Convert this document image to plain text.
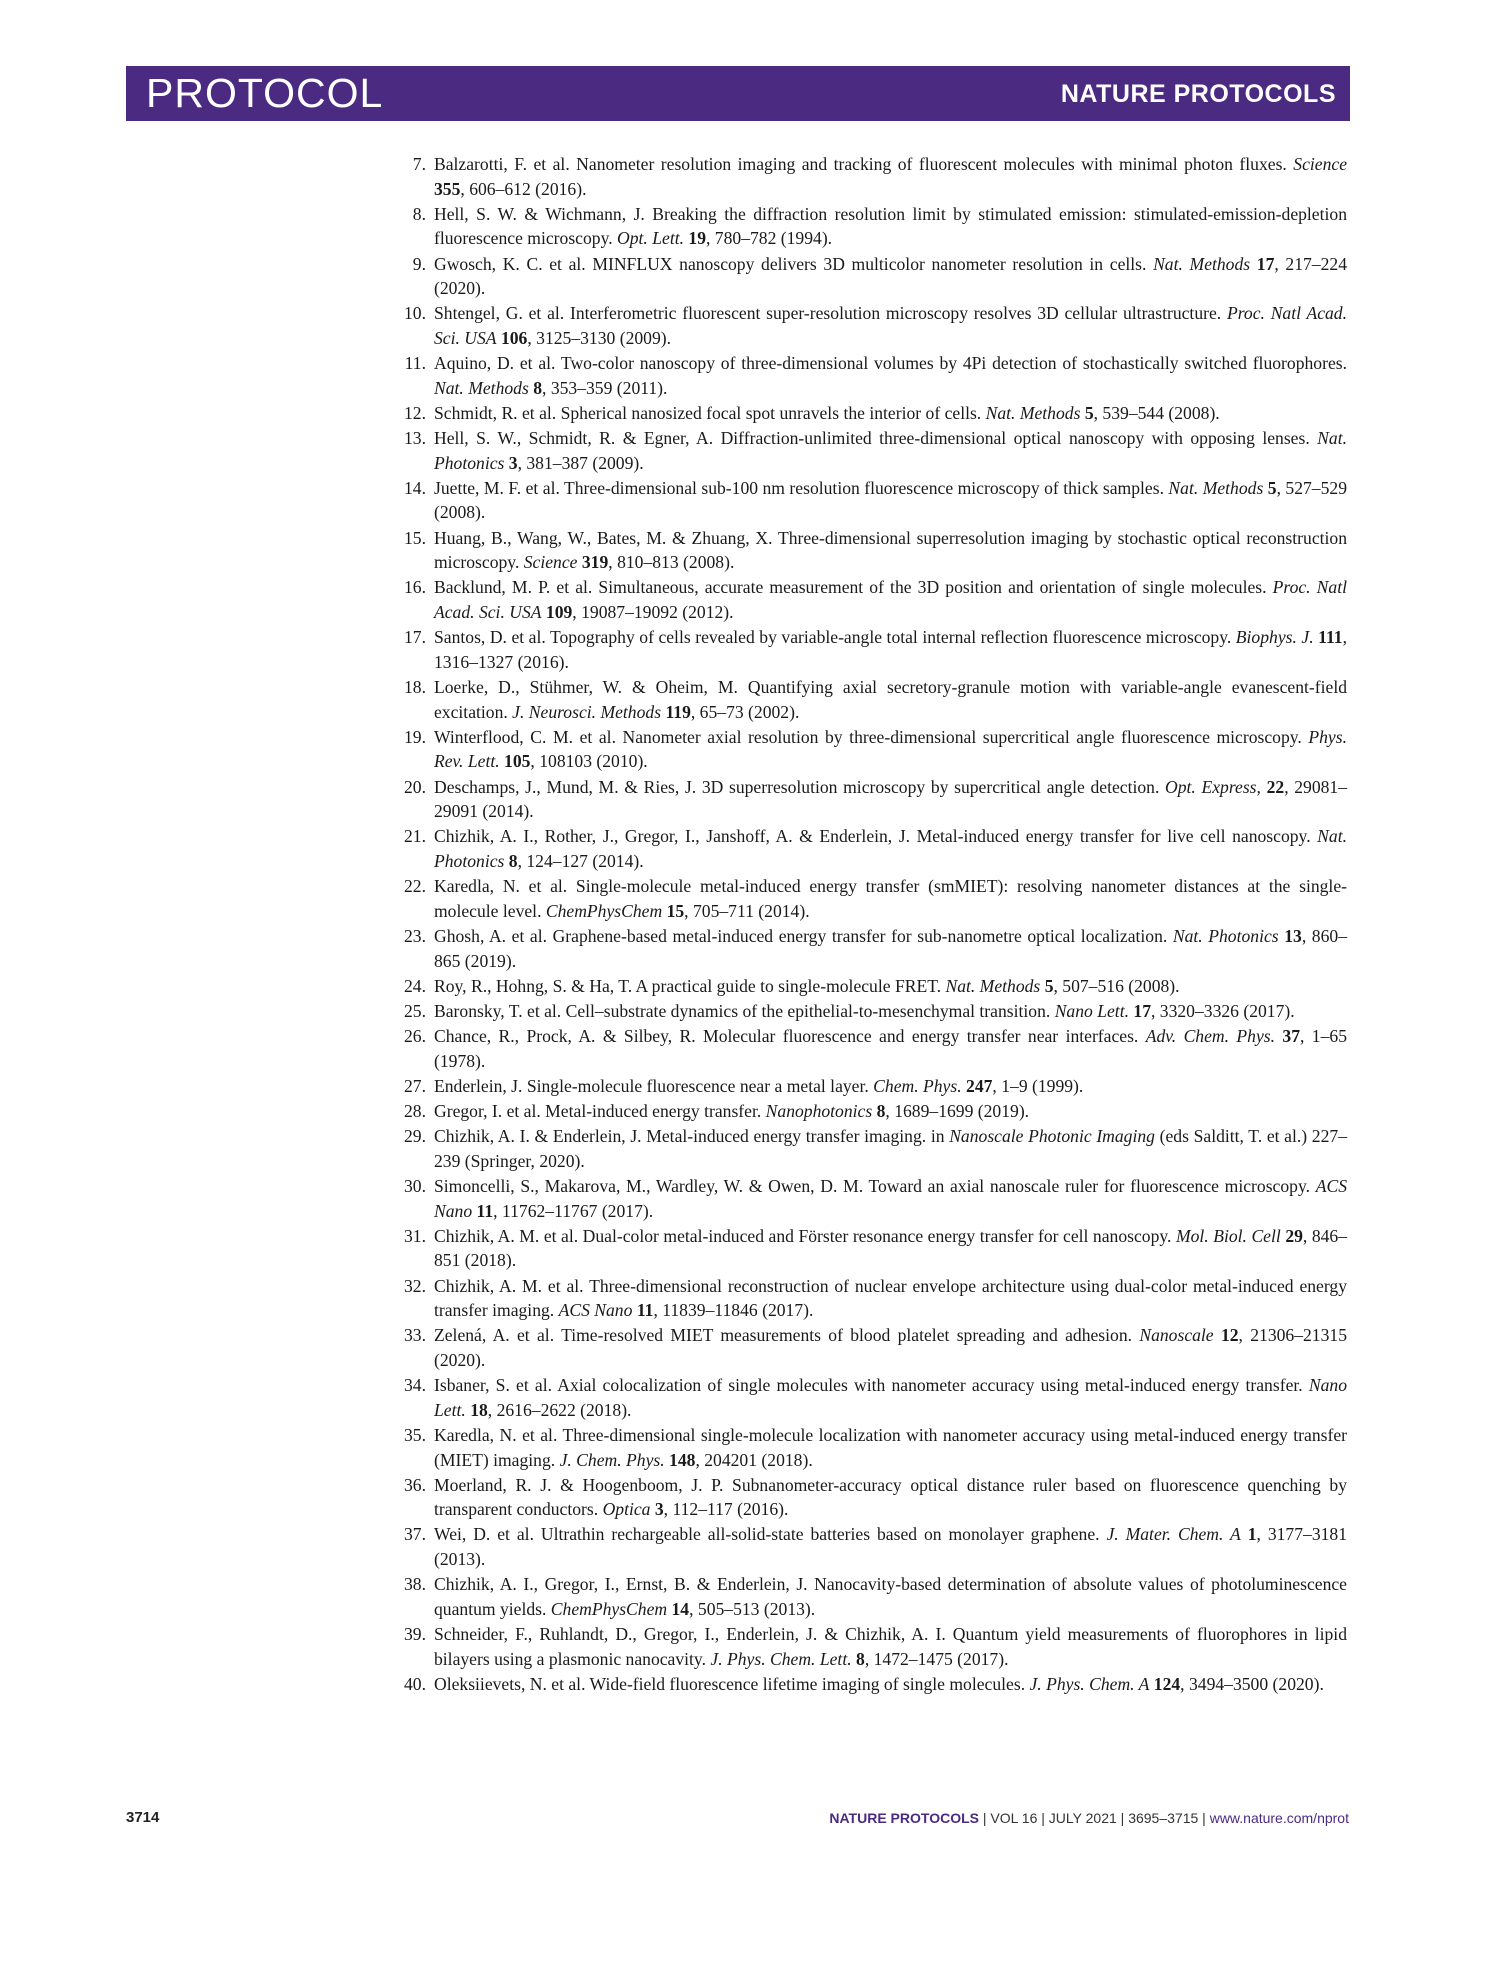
PROTOCOL	NATURE PROTOCOLS
7. Balzarotti, F. et al. Nanometer resolution imaging and tracking of fluorescent molecules with minimal photon fluxes. Science 355, 606–612 (2016).
8. Hell, S. W. & Wichmann, J. Breaking the diffraction resolution limit by stimulated emission: stimulated-emission-depletion fluorescence microscopy. Opt. Lett. 19, 780–782 (1994).
9. Gwosch, K. C. et al. MINFLUX nanoscopy delivers 3D multicolor nanometer resolution in cells. Nat. Methods 17, 217–224 (2020).
10. Shtengel, G. et al. Interferometric fluorescent super-resolution microscopy resolves 3D cellular ultrastructure. Proc. Natl Acad. Sci. USA 106, 3125–3130 (2009).
11. Aquino, D. et al. Two-color nanoscopy of three-dimensional volumes by 4Pi detection of stochastically switched fluorophores. Nat. Methods 8, 353–359 (2011).
12. Schmidt, R. et al. Spherical nanosized focal spot unravels the interior of cells. Nat. Methods 5, 539–544 (2008).
13. Hell, S. W., Schmidt, R. & Egner, A. Diffraction-unlimited three-dimensional optical nanoscopy with opposing lenses. Nat. Photonics 3, 381–387 (2009).
14. Juette, M. F. et al. Three-dimensional sub-100 nm resolution fluorescence microscopy of thick samples. Nat. Methods 5, 527–529 (2008).
15. Huang, B., Wang, W., Bates, M. & Zhuang, X. Three-dimensional superresolution imaging by stochastic optical reconstruction microscopy. Science 319, 810–813 (2008).
16. Backlund, M. P. et al. Simultaneous, accurate measurement of the 3D position and orientation of single molecules. Proc. Natl Acad. Sci. USA 109, 19087–19092 (2012).
17. Santos, D. et al. Topography of cells revealed by variable-angle total internal reflection fluorescence microscopy. Biophys. J. 111, 1316–1327 (2016).
18. Loerke, D., Stühmer, W. & Oheim, M. Quantifying axial secretory-granule motion with variable-angle evanescent-field excitation. J. Neurosci. Methods 119, 65–73 (2002).
19. Winterflood, C. M. et al. Nanometer axial resolution by three-dimensional supercritical angle fluorescence microscopy. Phys. Rev. Lett. 105, 108103 (2010).
20. Deschamps, J., Mund, M. & Ries, J. 3D superresolution microscopy by supercritical angle detection. Opt. Express, 22, 29081–29091 (2014).
21. Chizhik, A. I., Rother, J., Gregor, I., Janshoff, A. & Enderlein, J. Metal-induced energy transfer for live cell nanoscopy. Nat. Photonics 8, 124–127 (2014).
22. Karedla, N. et al. Single-molecule metal-induced energy transfer (smMIET): resolving nanometer distances at the single-molecule level. ChemPhysChem 15, 705–711 (2014).
23. Ghosh, A. et al. Graphene-based metal-induced energy transfer for sub-nanometre optical localization. Nat. Photonics 13, 860–865 (2019).
24. Roy, R., Hohng, S. & Ha, T. A practical guide to single-molecule FRET. Nat. Methods 5, 507–516 (2008).
25. Baronsky, T. et al. Cell–substrate dynamics of the epithelial-to-mesenchymal transition. Nano Lett. 17, 3320–3326 (2017).
26. Chance, R., Prock, A. & Silbey, R. Molecular fluorescence and energy transfer near interfaces. Adv. Chem. Phys. 37, 1–65 (1978).
27. Enderlein, J. Single-molecule fluorescence near a metal layer. Chem. Phys. 247, 1–9 (1999).
28. Gregor, I. et al. Metal-induced energy transfer. Nanophotonics 8, 1689–1699 (2019).
29. Chizhik, A. I. & Enderlein, J. Metal-induced energy transfer imaging. in Nanoscale Photonic Imaging (eds Salditt, T. et al.) 227–239 (Springer, 2020).
30. Simoncelli, S., Makarova, M., Wardley, W. & Owen, D. M. Toward an axial nanoscale ruler for fluorescence microscopy. ACS Nano 11, 11762–11767 (2017).
31. Chizhik, A. M. et al. Dual-color metal-induced and Förster resonance energy transfer for cell nanoscopy. Mol. Biol. Cell 29, 846–851 (2018).
32. Chizhik, A. M. et al. Three-dimensional reconstruction of nuclear envelope architecture using dual-color metal-induced energy transfer imaging. ACS Nano 11, 11839–11846 (2017).
33. Zelená, A. et al. Time-resolved MIET measurements of blood platelet spreading and adhesion. Nanoscale 12, 21306–21315 (2020).
34. Isbaner, S. et al. Axial colocalization of single molecules with nanometer accuracy using metal-induced energy transfer. Nano Lett. 18, 2616–2622 (2018).
35. Karedla, N. et al. Three-dimensional single-molecule localization with nanometer accuracy using metal-induced energy transfer (MIET) imaging. J. Chem. Phys. 148, 204201 (2018).
36. Moerland, R. J. & Hoogenboom, J. P. Subnanometer-accuracy optical distance ruler based on fluorescence quenching by transparent conductors. Optica 3, 112–117 (2016).
37. Wei, D. et al. Ultrathin rechargeable all-solid-state batteries based on monolayer graphene. J. Mater. Chem. A 1, 3177–3181 (2013).
38. Chizhik, A. I., Gregor, I., Ernst, B. & Enderlein, J. Nanocavity-based determination of absolute values of photoluminescence quantum yields. ChemPhysChem 14, 505–513 (2013).
39. Schneider, F., Ruhlandt, D., Gregor, I., Enderlein, J. & Chizhik, A. I. Quantum yield measurements of fluorophores in lipid bilayers using a plasmonic nanocavity. J. Phys. Chem. Lett. 8, 1472–1475 (2017).
40. Oleksiievets, N. et al. Wide-field fluorescence lifetime imaging of single molecules. J. Phys. Chem. A 124, 3494–3500 (2020).
3714	NATURE PROTOCOLS | VOL 16 | JULY 2021 | 3695–3715 | www.nature.com/nprot
